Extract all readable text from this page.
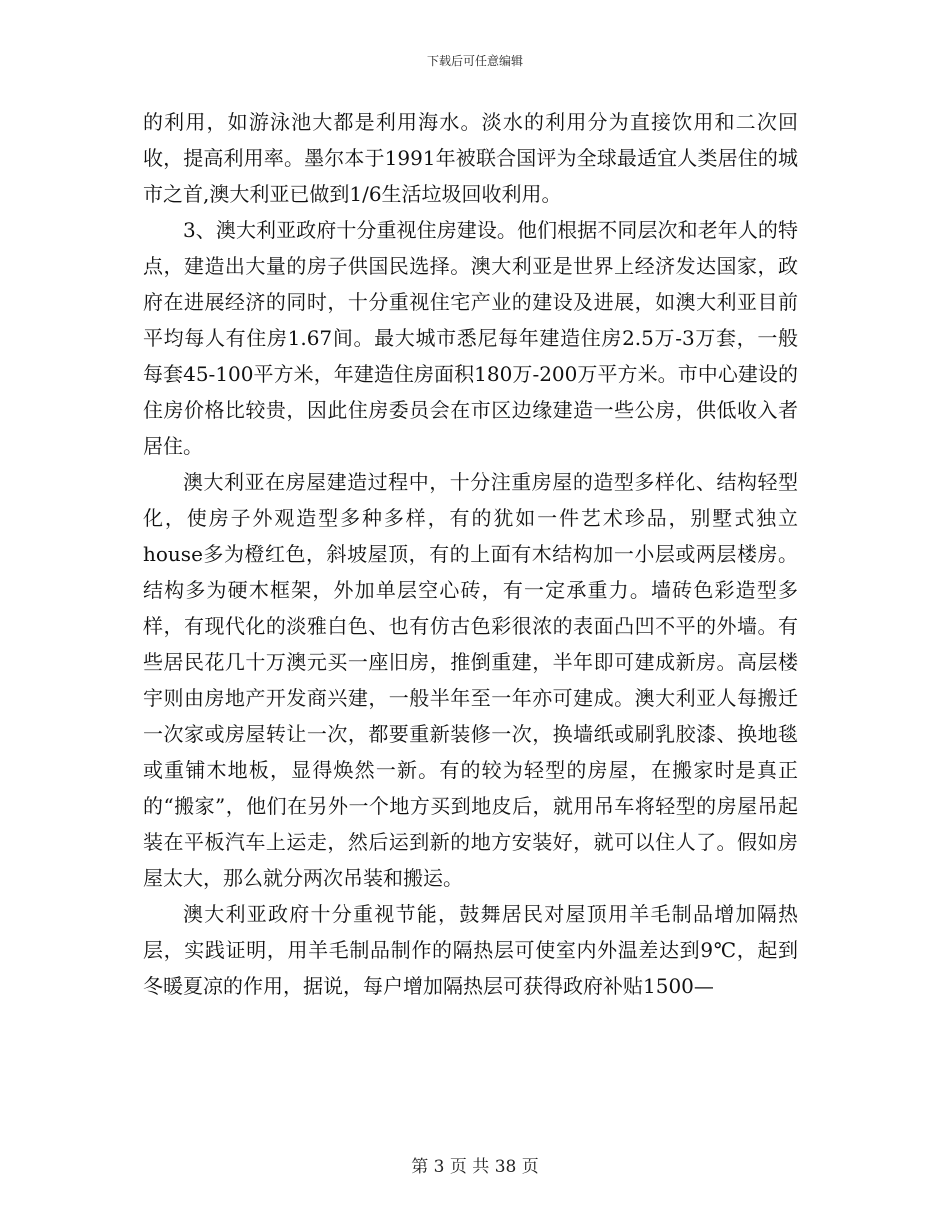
下载后可任意编辑

的利用，如游泳池大都是利用海水。淡水的利用分为直接饮用和二次回收，提高利用率。墨尔本于1991年被联合国评为全球最适宜人类居住的城市之首,澳大利亚已做到1/6生活垃圾回收利用。

3、澳大利亚政府十分重视住房建设。他们根据不同层次和老年人的特点，建造出大量的房子供国民选择。澳大利亚是世界上经济发达国家，政府在进展经济的同时，十分重视住宅产业的建设及进展，如澳大利亚目前平均每人有住房1.67间。最大城市悉尼每年建造住房2.5万-3万套，一般每套45-100平方米，年建造住房面积180万-200万平方米。市中心建设的住房价格比较贵，因此住房委员会在市区边缘建造一些公房，供低收入者居住。

澳大利亚在房屋建造过程中，十分注重房屋的造型多样化、结构轻型化，使房子外观造型多种多样，有的犹如一件艺术珍品，别墅式独立house多为橙红色，斜坡屋顶，有的上面有木结构加一小层或两层楼房。结构多为硬木框架，外加单层空心砖，有一定承重力。墙砖色彩造型多样，有现代化的淡雅白色、也有仿古色彩很浓的表面凸凹不平的外墙。有些居民花几十万澳元买一座旧房，推倒重建，半年即可建成新房。高层楼宇则由房地产开发商兴建，一般半年至一年亦可建成。澳大利亚人每搬迁一次家或房屋转让一次，都要重新装修一次，换墙纸或刷乳胶漆、换地毯或重铺木地板，显得焕然一新。有的较为轻型的房屋，在搬家时是真正的“搬家”，他们在另外一个地方买到地皮后，就用吊车将轻型的房屋吊起装在平板汽车上运走，然后运到新的地方安装好，就可以住人了。假如房屋太大，那么就分两次吊装和搬运。

澳大利亚政府十分重视节能，鼓舞居民对屋顶用羊毛制品增加隔热层，实践证明，用羊毛制品制作的隔热层可使室内外温差达到9℃，起到冬暖夏凉的作用，据说，每户增加隔热层可获得政府补贴1500—

第 3 页 共 38 页
